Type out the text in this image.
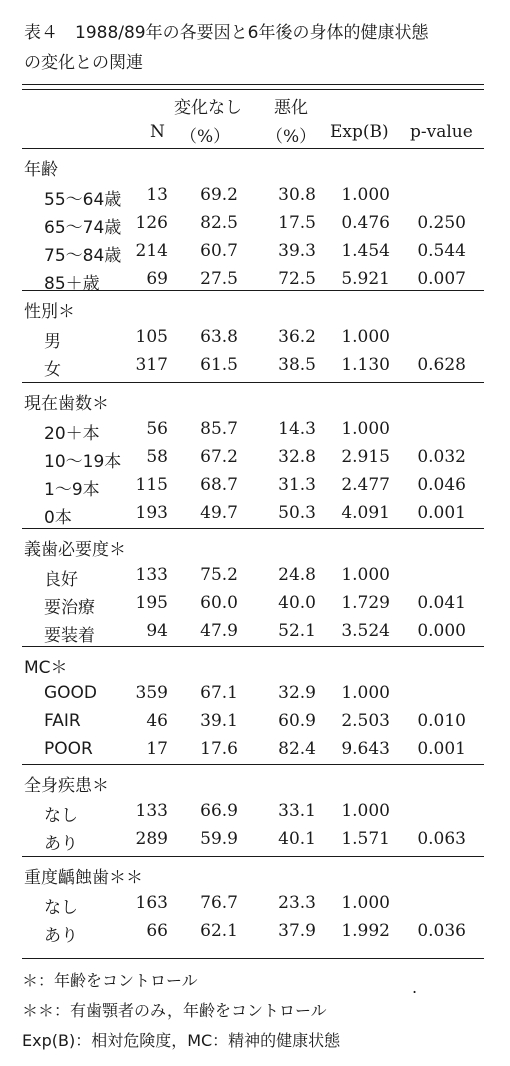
表４　1988/89年の各要因と6年後の身体的健康状態
の変化との関連
変化なし 悪化
N （%） （%） Exp(B) p-value
年齢
55〜64歳 13 69.2 30.8 1.000
65〜74歳 126 82.5 17.5 0.476 0.250
75〜84歳 214 60.7 39.3 1.454 0.544
85＋歳	69 27.5 72.5 5.921 0.007
性別＊
男	105 63.8 36.2 1.000
女	317 61.5 38.5 1.130 0.628
現在歯数＊
20＋本	56 85.7 14.3 1.000
10〜19本 58 67.2 32.8 2.915 0.032
1〜9本 115 68.7 31.3 2.477 0.046
0本	193 49.7 50.3 4.091 0.001
義歯必要度＊
良好	133 75.2 24.8 1.000
要治療 195 60.0 40.0 1.729 0.041
要装着	94 47.9 52.1 3.524 0.000
MC＊
GOOD 359 67.1 32.9 1.000
FAIR	46 39.1 60.9 2.503 0.010
POOR	17 17.6 82.4 9.643 0.001
全身疾患＊
なし	133 66.9 33.1 1.000
あり	289 59.9 40.1 1.571 0.063
重度齲蝕歯＊＊
なし	163 76.7 23.3 1.000
あり	66 62.1 37.9 1.992 0.036
＊：年齢をコントロール
＊＊：有歯顎者のみ，年齢をコントロール
Exp(B)：相対危険度，MC：精神的健康状態
.
